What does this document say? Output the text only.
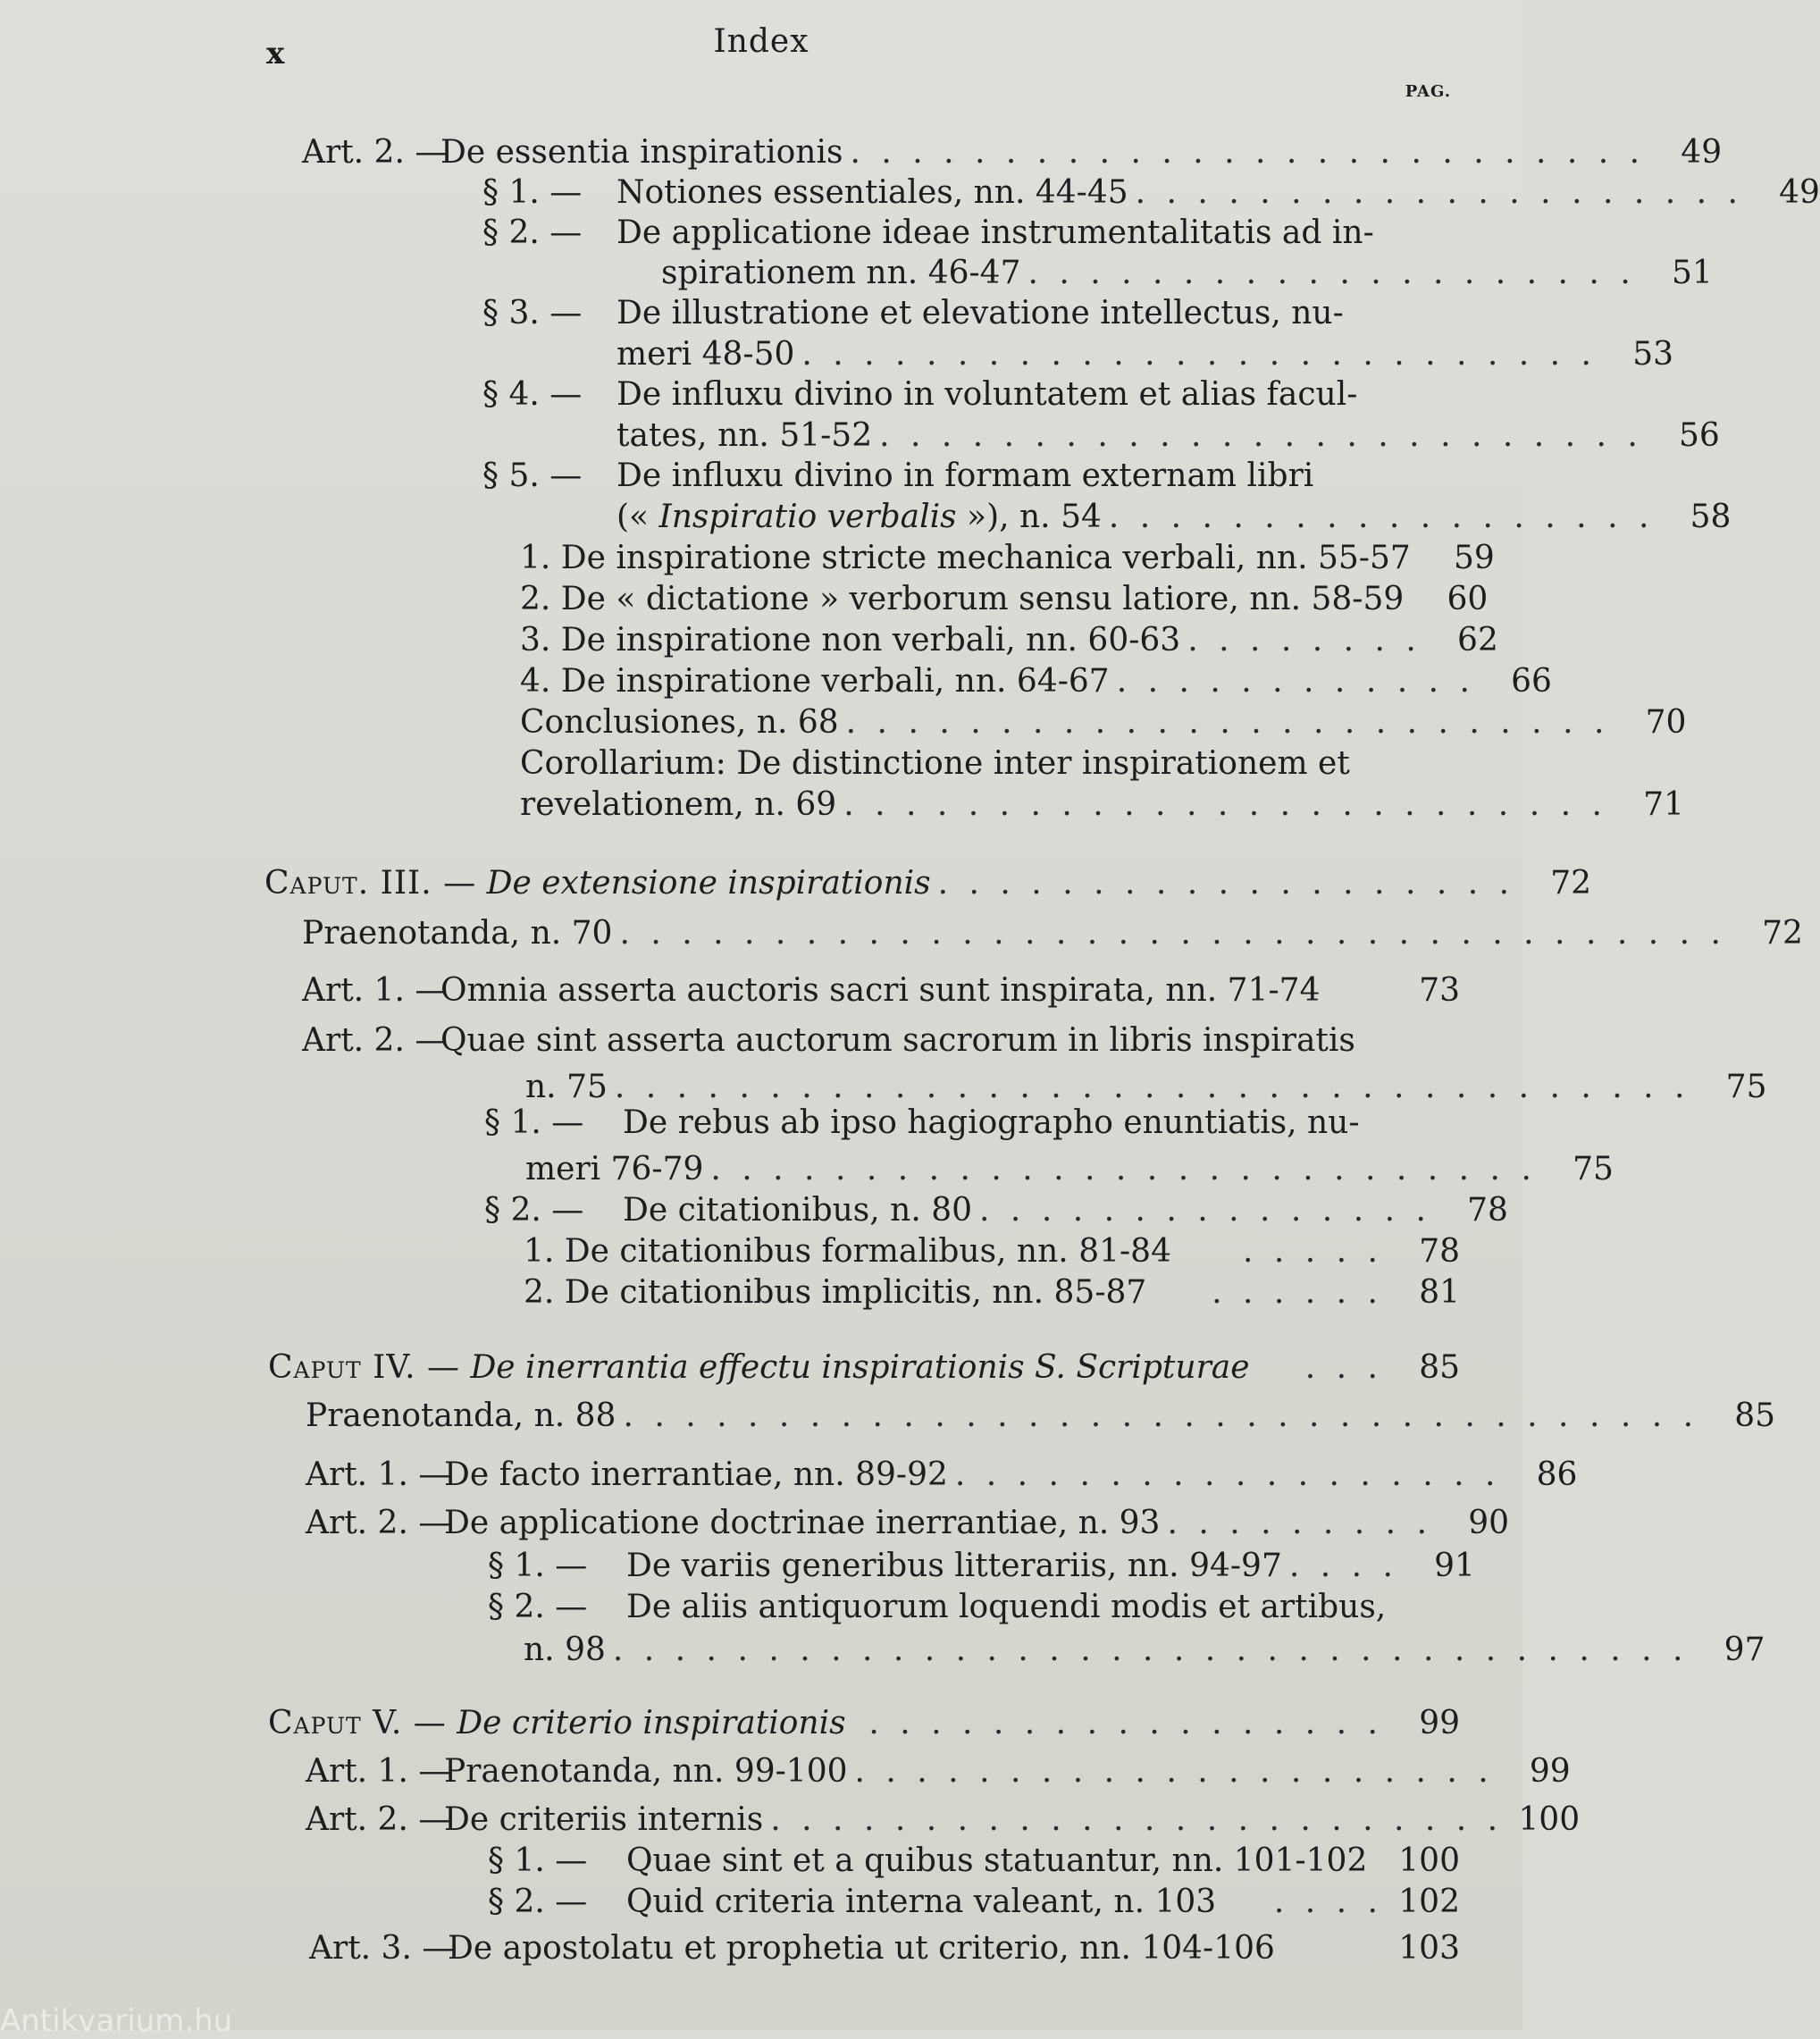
x	Index
PAG.
Art. 2. —De essentia inspirationis . . . . . . . . . . . . . . . . . . . . . . . . . .	49
§ 1. — Notiones essentiales, nn. 44-45 . . . . . . . . . . . . . . . . . . . .	49
§ 2. — De applicatione ideae instrumentalitatis ad in-
spirationem nn. 46-47 . . . . . . . . . . . . . . . . . . . .	51
§ 3. — De illustratione et elevatione intellectus, nu-
meri 48-50 . . . . . . . . . . . . . . . . . . . . . . . . . .	53
§ 4. — De influxu divino in voluntatem et alias facul-
tates, nn. 51-52 . . . . . . . . . . . . . . . . . . . . . . . . .	56
§ 5. — De influxu divino in formam externam libri
(« Inspiratio verbalis »), n. 54 . . . . . . . . . . . . . . . . . .	58
1. De inspiratione stricte mechanica verbali, nn. 55-57	59
2. De « dictatione » verborum sensu latiore, nn. 58-59	60
3. De inspiratione non verbali, nn. 60-63 . . . . . . . .	62
4. De inspiratione verbali, nn. 64-67 . . . . . . . . . . . .	66
Conclusiones, n. 68 . . . . . . . . . . . . . . . . . . . . . . . . .	70
Corollarium: De distinctione inter inspirationem et
revelationem, n. 69 . . . . . . . . . . . . . . . . . . . . . . . . .	71
Caput. III. — De extensione inspirationis . . . . . . . . . . . . . . . . . . .	72
Praenotanda, n. 70 . . . . . . . . . . . . . . . . . . . . . . . . . . . . . . . . . . . .	72
Art. 1. —Omnia asserta auctoris sacri sunt inspirata, nn. 71-74	73
Art. 2. —Quae sint asserta auctorum sacrorum in libris inspiratis
n. 75 . . . . . . . . . . . . . . . . . . . . . . . . . . . . . . . . . . .	75
§ 1. — De rebus ab ipso hagiographo enuntiatis, nu-
meri 76-79 . . . . . . . . . . . . . . . . . . . . . . . . . . .	75
§ 2. — De citationibus, n. 80 . . . . . . . . . . . . . . .	78
1. De citationibus formalibus, nn. 81-84	. . . . .	78
2. De citationibus implicitis, nn. 85-87	. . . . . .	81
Caput IV. — De inerrantia effectu inspirationis S. Scripturae	. . .	85
Praenotanda, n. 88 . . . . . . . . . . . . . . . . . . . . . . . . . . . . . . . . . . .	85
Art. 1. —De facto inerrantiae, nn. 89-92 . . . . . . . . . . . . . . . . . .	86
Art. 2. —De applicatione doctrinae inerrantiae, n. 93 . . . . . . . . .	90
§ 1. — De variis generibus litterariis, nn. 94-97 . . . .	91
§ 2. — De aliis antiquorum loquendi modis et artibus,
n. 98 . . . . . . . . . . . . . . . . . . . . . . . . . . . . . . . . . . .	97
Caput V. — De criterio inspirationis . . . . . . . . . . . . . . . . .	99
Art. 1. —Praenotanda, nn. 99-100 . . . . . . . . . . . . . . . . . . . . .	99
Art. 2. —De criteriis internis . . . . . . . . . . . . . . . . . . . . . . . . 100
§ 1. — Quae sint et a quibus statuantur, nn. 101-102 100
§ 2. — Quid criteria interna valeant, n. 103	. . . . 102
Art. 3. —De apostolatu et prophetia ut criterio, nn. 104-106	103
Antikvarium.hu
